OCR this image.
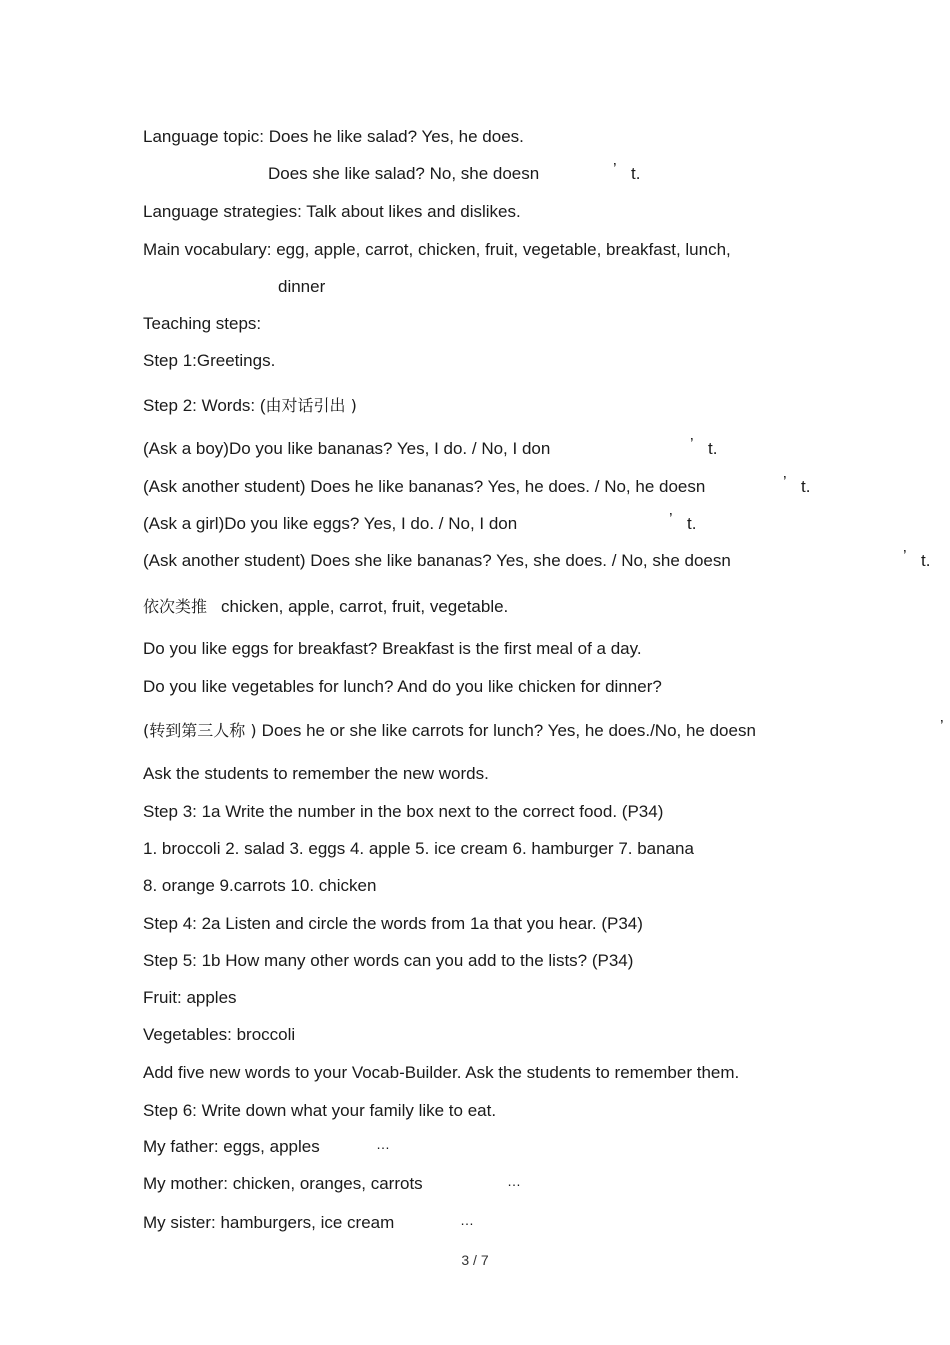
Language topic: Does he like salad? Yes, he does.
Does she like salad? No, she doesn	’ t.
Language strategies: Talk about likes and dislikes.
Main vocabulary: egg, apple, carrot, chicken, fruit, vegetable, breakfast, lunch,
dinner
Teaching steps:
Step 1:Greetings.
Step 2: Words: (由对话引出 )
(Ask a boy)Do you like bananas? Yes, I do. / No, I don	’ t.
(Ask another student) Does he like bananas? Yes, he does. / No, he doesn	’ t.
(Ask a girl)Do you like eggs? Yes, I do. / No, I don	’ t.
(Ask another student) Does she like bananas? Yes, she does. / No, she doesn	’ t.
依次类推 chicken, apple, carrot, fruit, vegetable.
Do you like eggs for breakfast? Breakfast is the first meal of a day.
Do you like vegetables for lunch? And do you like chicken for dinner?
(转到第三人称 ) Does he or she like carrots for lunch? Yes, he does./No, he doesn	’
Ask the students to remember the new words.
Step 3: 1a Write the number in the box next to the correct food. (P34)
1. broccoli 2. salad 3. eggs 4. apple 5. ice cream 6. hamburger 7. banana
8. orange 9.carrots 10. chicken
Step 4: 2a Listen and circle the words from 1a that you hear. (P34)
Step 5: 1b How many other words can you add to the lists? (P34)
Fruit: apples
Vegetables: broccoli
Add five new words to your Vocab-Builder. Ask the students to remember them.
Step 6: Write down what your family like to eat.
My father: eggs, apples	…
My mother: chicken, oranges, carrots	…
My sister: hamburgers, ice cream	…
3 / 7
